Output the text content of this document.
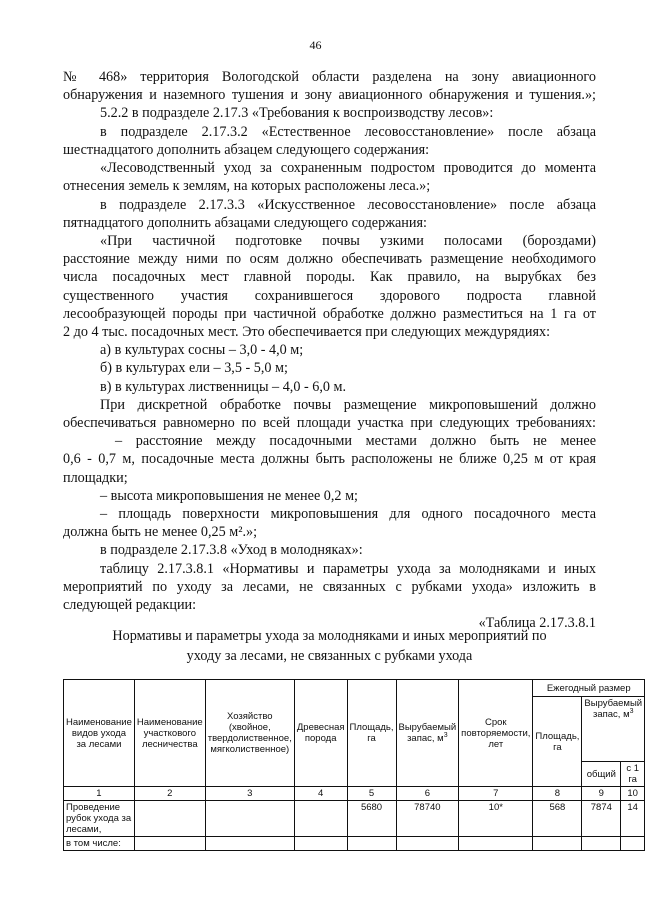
46
№ 468» территория Вологодской области разделена на зону авиационного
обнаружения и наземного тушения и зону авиационного обнаружения и тушения.»;
5.2.2 в подразделе 2.17.3 «Требования к воспроизводству лесов»:
в подразделе 2.17.3.2 «Естественное лесовосстановление» после абзаца
шестнадцатого дополнить абзацем следующего содержания:
«Лесоводственный уход за сохраненным подростом проводится до момента
отнесения земель к землям, на которых расположены леса.»;
в подразделе 2.17.3.3 «Искусственное лесовосстановление» после абзаца
пятнадцатого дополнить абзацами следующего содержания:
«При частичной подготовке почвы узкими полосами (бороздами)
расстояние между ними по осям должно обеспечивать размещение необходимого
числа посадочных мест главной породы. Как правило, на вырубках без
существенного участия сохранившегося здорового подроста главной
лесообразующей породы при частичной обработке должно разместиться на 1 га от
2 до 4 тыс. посадочных мест. Это обеспечивается при следующих междурядиях:
а) в культурах сосны – 3,0 - 4,0 м;
б) в культурах ели – 3,5 - 5,0 м;
в) в культурах лиственницы – 4,0 - 6,0 м.
При дискретной обработке почвы размещение микроповышений должно
обеспечиваться равномерно по всей площади участка при следующих требованиях:
– расстояние между посадочными местами должно быть не менее
0,6 - 0,7 м, посадочные места должны быть расположены не ближе 0,25 м от края
площадки;
– высота микроповышения не менее 0,2 м;
– площадь поверхности микроповышения для одного посадочного места
должна быть не менее 0,25 м².»;
в подразделе 2.17.3.8 «Уход в молодняках»:
таблицу 2.17.3.8.1 «Нормативы и параметры ухода за молодняками и иных
мероприятий по уходу за лесами, не связанных с рубками ухода» изложить в
следующей редакции:
«Таблица 2.17.3.8.1
Нормативы и параметры ухода за молодняками и иных мероприятий по
уходу за лесами, не связанных с рубками ухода
Наименование видов ухода за лесами	Наименование участкового лесничества	Хозяйство (хвойное, твердолиственное, мягколиственное)	Древесная порода	Площадь, га	Вырубаемый запас, $м^3$	Срок повторяемости, лет	Ежегодный размер		
							Площадь, га	Вырубаемый запас, $м^3$
								общий	с 1 га
1	2	3	4	5	6	7	8	9	10
Проведение рубок ухода за лесами,				5680	78740	10*	568	7874	14
в том числе:									
